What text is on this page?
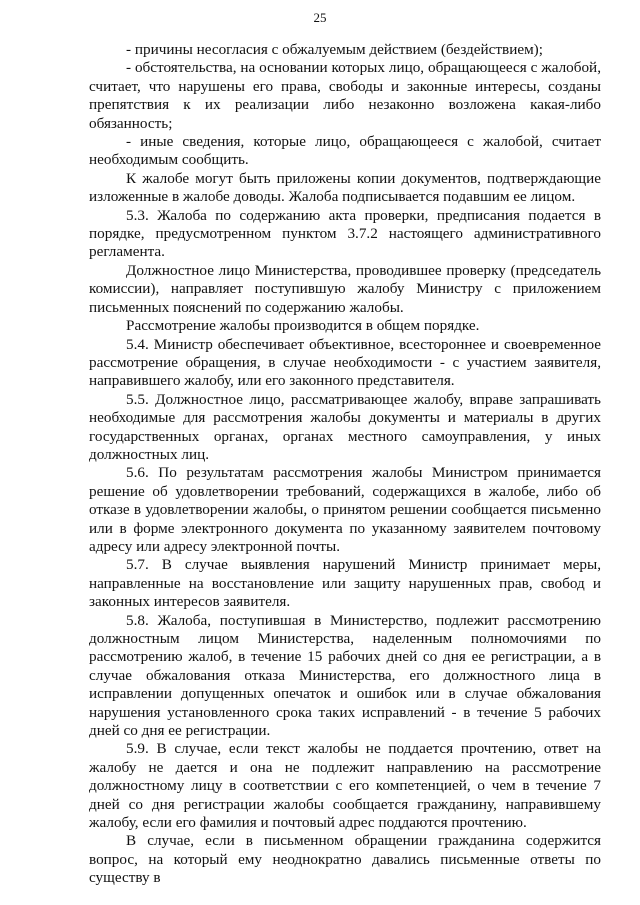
25

- причины несогласия с обжалуемым действием (бездействием);

- обстоятельства, на основании которых лицо, обращающееся с жалобой, считает, что нарушены его права, свободы и законные интересы, созданы препятствия к их реализации либо незаконно возложена какая-либо обязанность;

- иные сведения, которые лицо, обращающееся с жалобой, считает необходимым сообщить.

К жалобе могут быть приложены копии документов, подтверждающие изложенные в жалобе доводы. Жалоба подписывается подавшим ее лицом.

5.3. Жалоба по содержанию акта проверки, предписания подается в порядке, предусмотренном пунктом 3.7.2 настоящего административного регламента.

Должностное лицо Министерства, проводившее проверку (председатель комиссии), направляет поступившую жалобу Министру с приложением письменных пояснений по содержанию жалобы.

Рассмотрение жалобы производится в общем порядке.

5.4. Министр обеспечивает объективное, всестороннее и своевременное рассмотрение обращения, в случае необходимости - с участием заявителя, направившего жалобу, или его законного представителя.

5.5. Должностное лицо, рассматривающее жалобу, вправе запрашивать необходимые для рассмотрения жалобы документы и материалы в других государственных органах, органах местного самоуправления, у иных должностных лиц.

5.6. По результатам рассмотрения жалобы Министром принимается решение об удовлетворении требований, содержащихся в жалобе, либо об отказе в удовлетворении жалобы, о принятом решении сообщается письменно или в форме электронного документа по указанному заявителем почтовому адресу или адресу электронной почты.

5.7. В случае выявления нарушений Министр принимает меры, направленные на восстановление или защиту нарушенных прав, свобод и законных интересов заявителя.

5.8. Жалоба, поступившая в Министерство, подлежит рассмотрению должностным лицом Министерства, наделенным полномочиями по рассмотрению жалоб, в течение 15 рабочих дней со дня ее регистрации, а в случае обжалования отказа Министерства, его должностного лица в исправлении допущенных опечаток и ошибок или в случае обжалования нарушения установленного срока таких исправлений - в течение 5 рабочих дней со дня ее регистрации.

5.9. В случае, если текст жалобы не поддается прочтению, ответ на жалобу не дается и она не подлежит направлению на рассмотрение должностному лицу в соответствии с его компетенцией, о чем в течение 7 дней со дня регистрации жалобы сообщается гражданину, направившему жалобу, если его фамилия и почтовый адрес поддаются прочтению.

В случае, если в письменном обращении гражданина содержится вопрос, на который ему неоднократно давались письменные ответы по существу в
